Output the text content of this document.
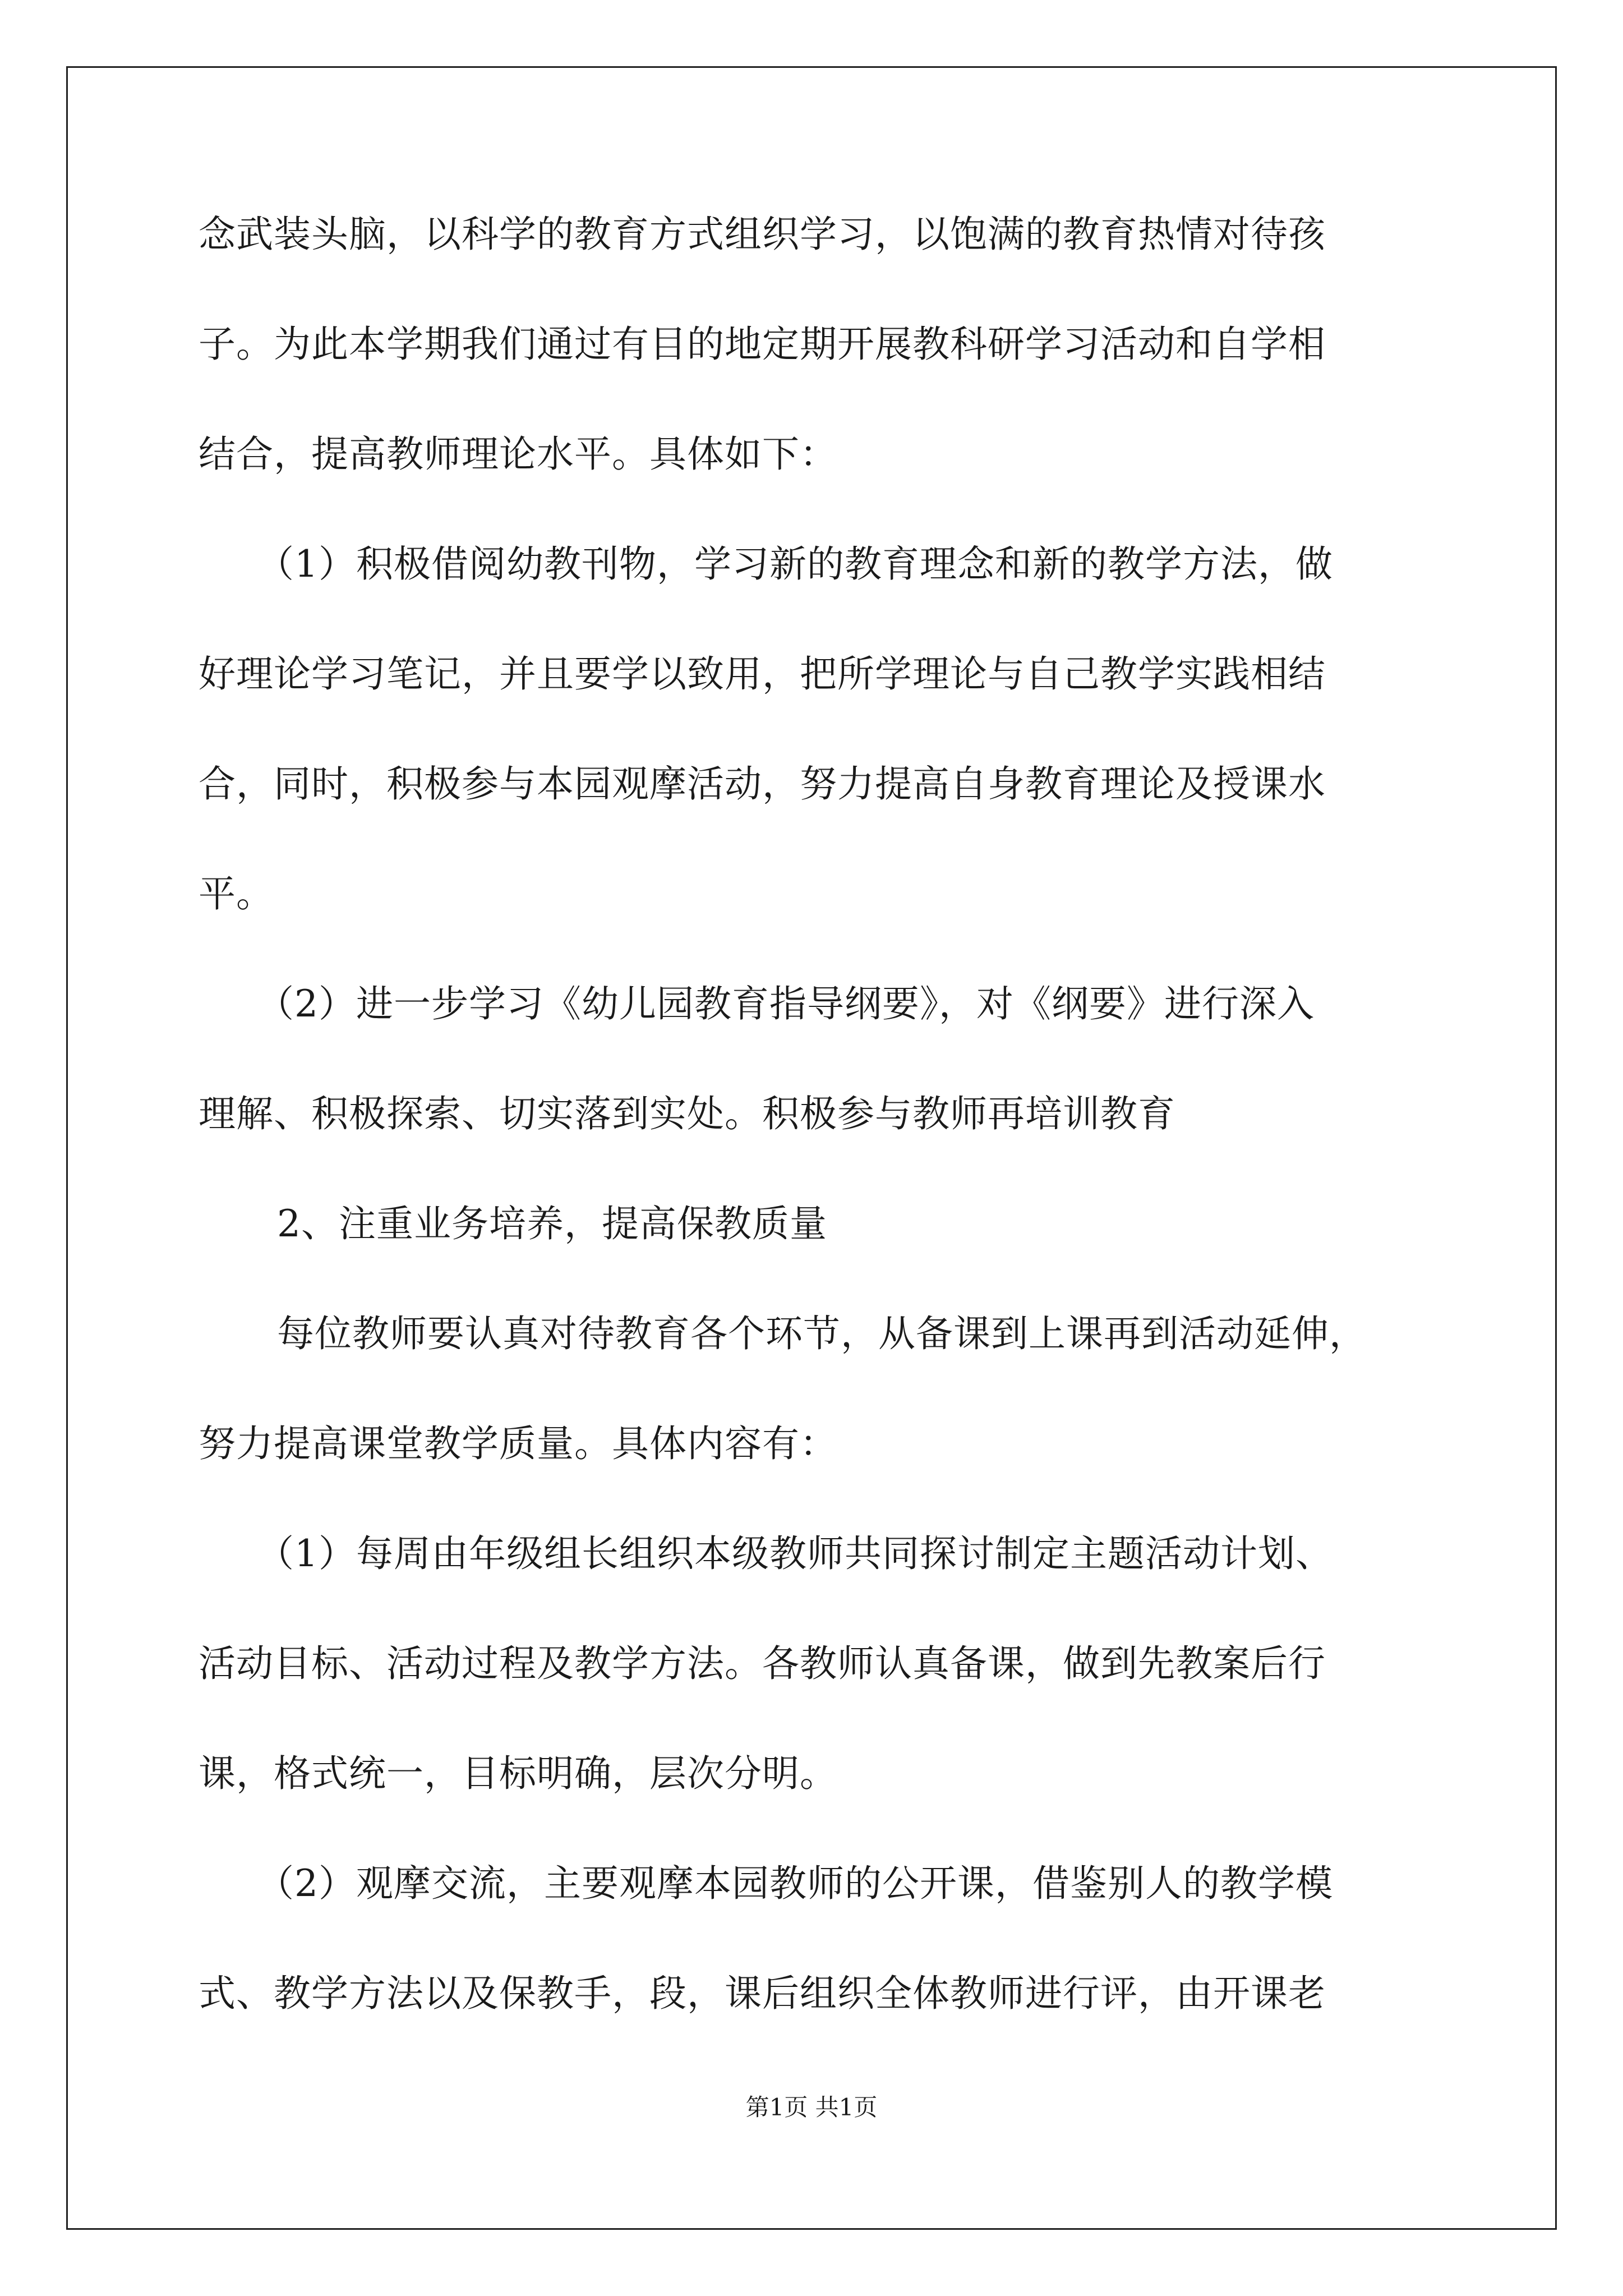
念武装头脑，以科学的教育方式组织学习，以饱满的教育热情对待孩
子。为此本学期我们通过有目的地定期开展教科研学习活动和自学相
结合，提高教师理论水平。具体如下：
（1）积极借阅幼教刊物，学习新的教育理念和新的教学方法，做
好理论学习笔记，并且要学以致用，把所学理论与自己教学实践相结
合，同时，积极参与本园观摩活动，努力提高自身教育理论及授课水
平。
（2）进一步学习《幼儿园教育指导纲要》，对《纲要》进行深入
理解、积极探索、切实落到实处。积极参与教师再培训教育
2、注重业务培养，提高保教质量
每位教师要认真对待教育各个环节，从备课到上课再到活动延伸，
努力提高课堂教学质量。具体内容有：
（1）每周由年级组长组织本级教师共同探讨制定主题活动计划、
活动目标、活动过程及教学方法。各教师认真备课，做到先教案后行
课，格式统一，目标明确，层次分明。
（2）观摩交流，主要观摩本园教师的公开课，借鉴别人的教学模
式、教学方法以及保教手，段，课后组织全体教师进行评，由开课老
第1页 共1页
